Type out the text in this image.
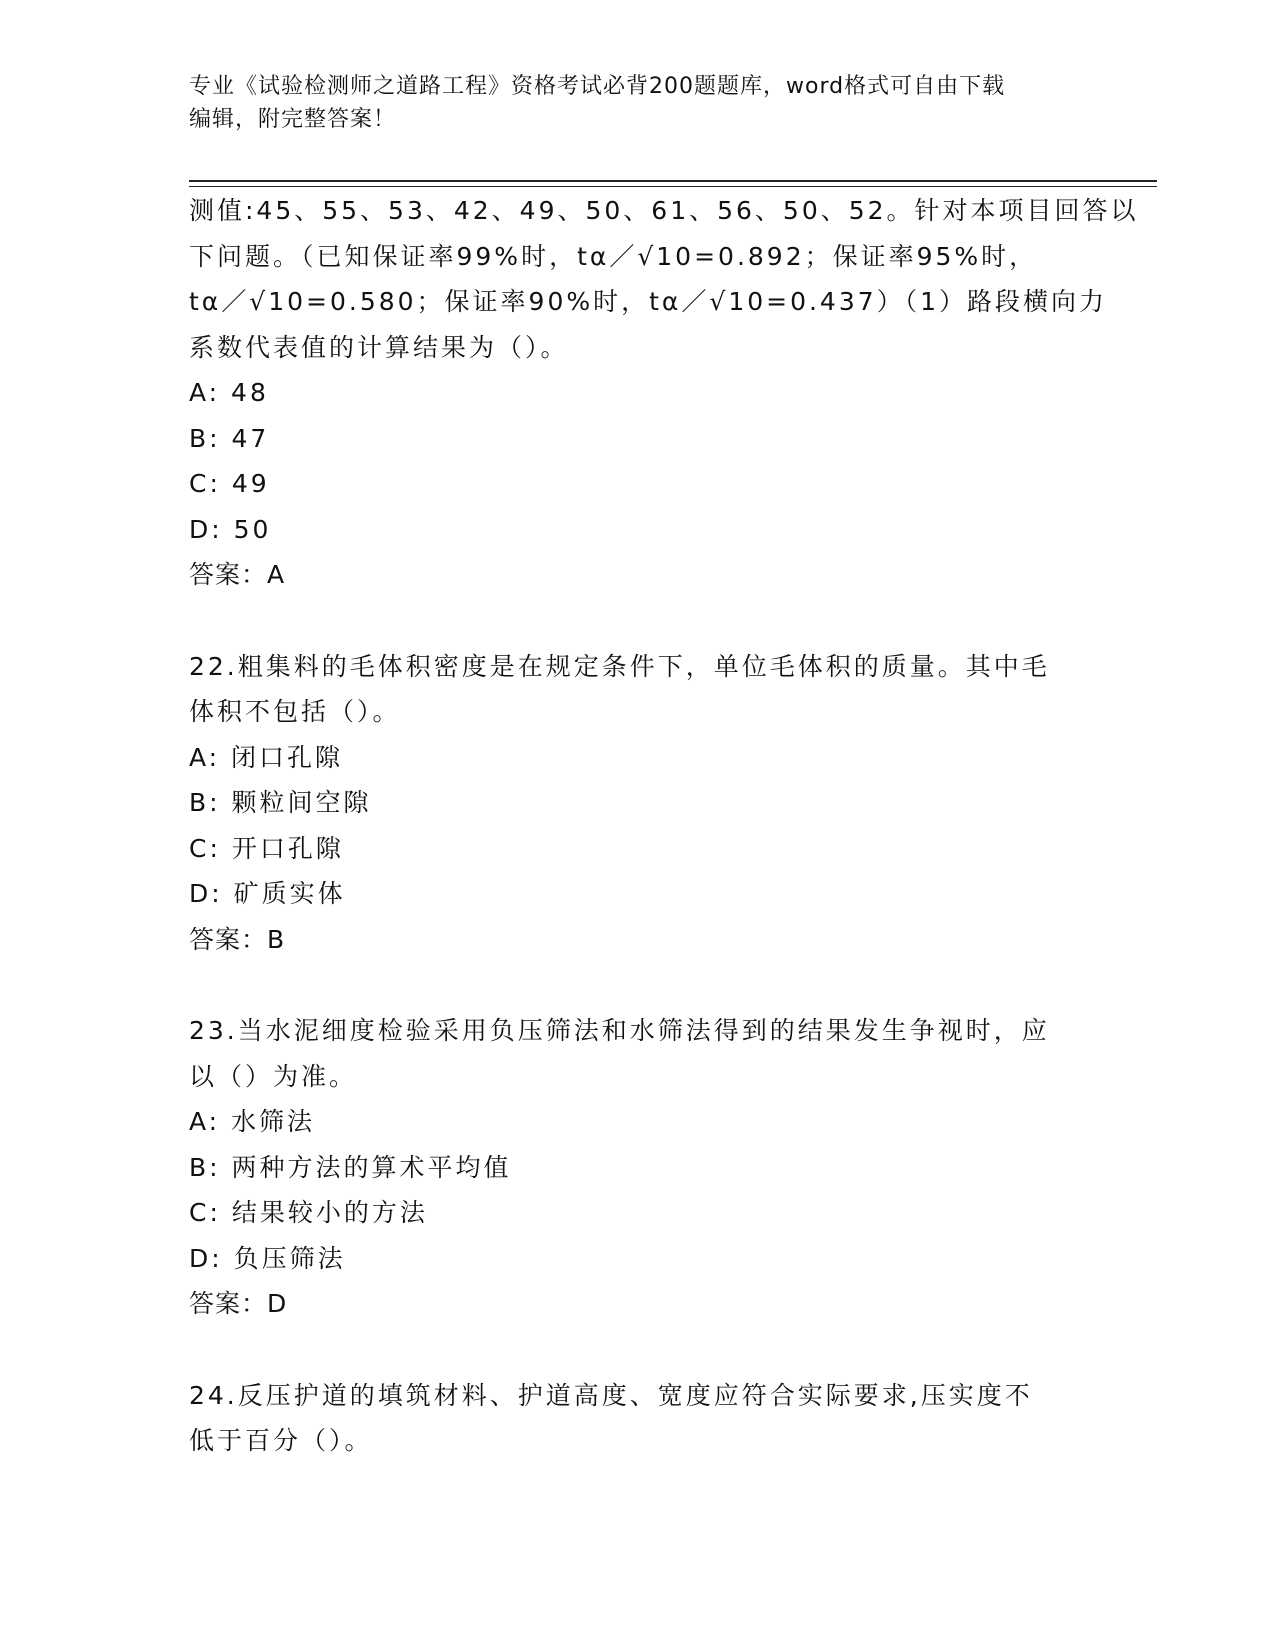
专业《试验检测师之道路工程》资格考试必背200题题库，word格式可自由下载
编辑，附完整答案！
测值:45、55、53、42、49、50、61、56、50、52。针对本项目回答以
下问题。（已知保证率99%时，tα／√10=0.892；保证率95%时，
tα／√10=0.580；保证率90%时，tα／√10=0.437）（1）路段横向力
系数代表值的计算结果为（）。
A: 48
B: 47
C: 49
D: 50
答案：A
22.粗集料的毛体积密度是在规定条件下，单位毛体积的质量。其中毛
体积不包括（）。
A: 闭口孔隙
B: 颗粒间空隙
C: 开口孔隙
D: 矿质实体
答案：B
23.当水泥细度检验采用负压筛法和水筛法得到的结果发生争视时，应
以（）为准。
A: 水筛法
B: 两种方法的算术平均值
C: 结果较小的方法
D: 负压筛法
答案：D
24.反压护道的填筑材料、护道高度、宽度应符合实际要求,压实度不
低于百分（）。
